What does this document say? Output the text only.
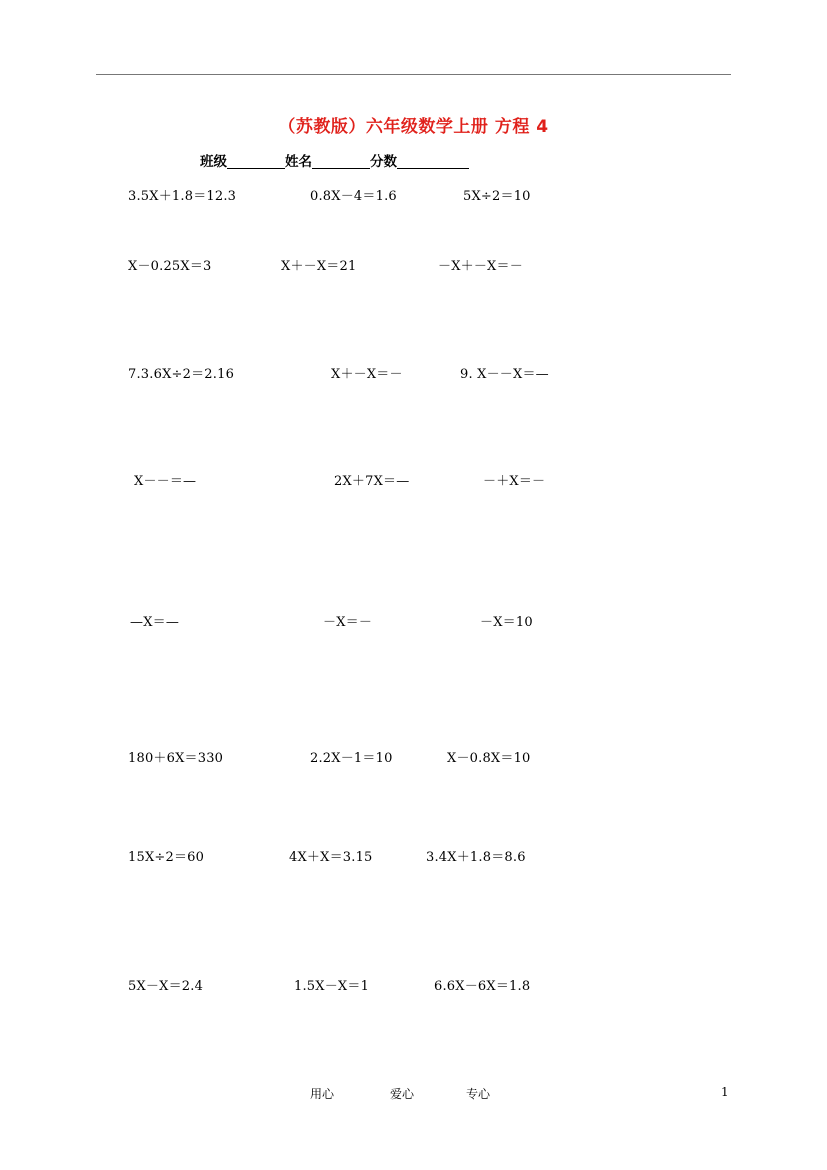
（苏教版）六年级数学上册 方程 4
班级	姓名	分数
3.5X＋1.8＝12.3	0.8X－4＝1.6	5X÷2＝10
X－0.25X＝3	X＋－X＝21	－X＋－X＝－
7.3.6X÷2＝2.16	X＋－X＝－	9. X－－X＝—
X－－＝—	2X＋7X＝—	－＋X＝－
—X＝—	－X＝－	－X＝10
180＋6X＝330	2.2X－1＝10	X－0.8X＝10
15X÷2＝60	4X＋X＝3.15	3.4X＋1.8＝8.6
5X－X＝2.4	1.5X－X＝1	6.6X－6X＝1.8
用心	爱心	专心	1
